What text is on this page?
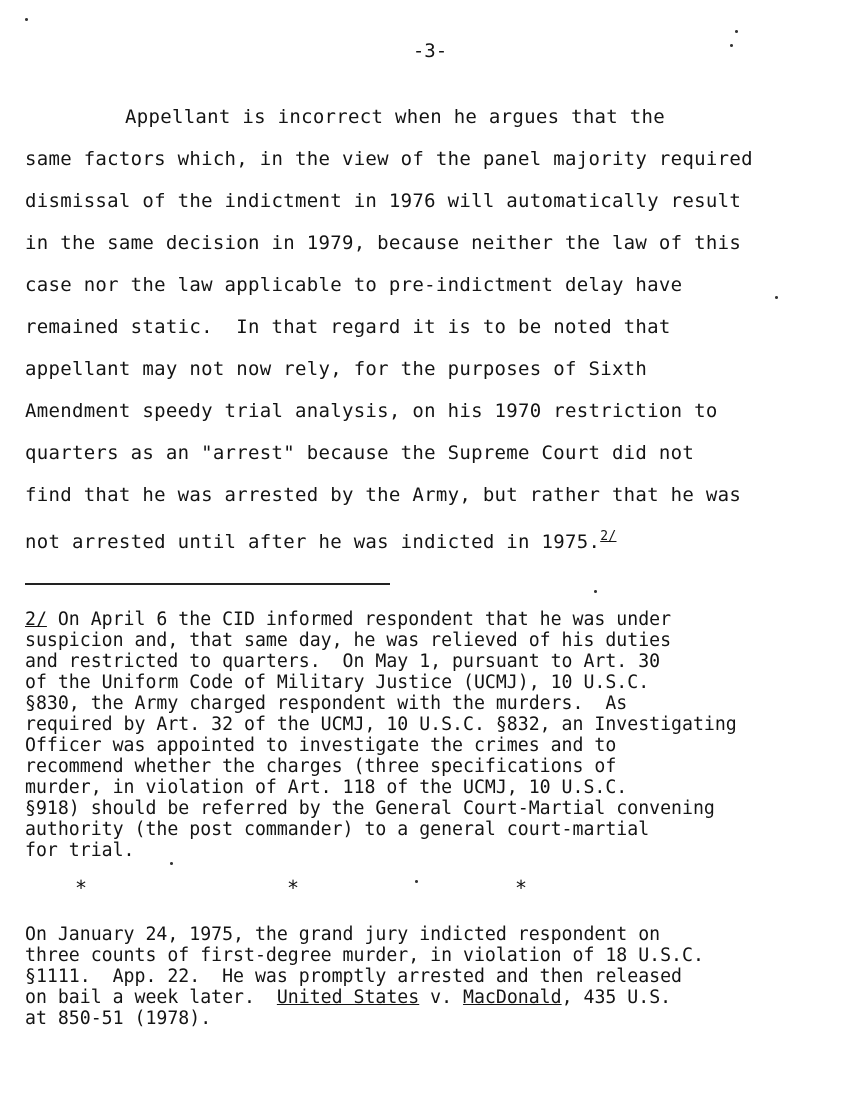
-3-
Appellant is incorrect when he argues that the
same factors which, in the view of the panel majority required
dismissal of the indictment in 1976 will automatically result
in the same decision in 1979, because neither the law of this
case nor the law applicable to pre-indictment delay have
remained static.  In that regard it is to be noted that
appellant may not now rely, for the purposes of Sixth
Amendment speedy trial analysis, on his 1970 restriction to
quarters as an "arrest" because the Supreme Court did not
find that he was arrested by the Army, but rather that he was
not arrested until after he was indicted in 1975.$^{2/}$
2/ On April 6 the CID informed respondent that he was under
suspicion and, that same day, he was relieved of his duties
and restricted to quarters.  On May 1, pursuant to Art. 30
of the Uniform Code of Military Justice (UCMJ), 10 U.S.C.
§830, the Army charged respondent with the murders.  As
required by Art. 32 of the UCMJ, 10 U.S.C. §832, an Investigating
Officer was appointed to investigate the crimes and to
recommend whether the charges (three specifications of
murder, in violation of Art. 118 of the UCMJ, 10 U.S.C.
§918) should be referred by the General Court-Martial convening
authority (the post commander) to a general court-martial
for trial.
*	*	*
On January 24, 1975, the grand jury indicted respondent on
three counts of first-degree murder, in violation of 18 U.S.C.
§1111.  App. 22.  He was promptly arrested and then released
on bail a week later.  United States v. MacDonald, 435 U.S.
at 850-51 (1978).
